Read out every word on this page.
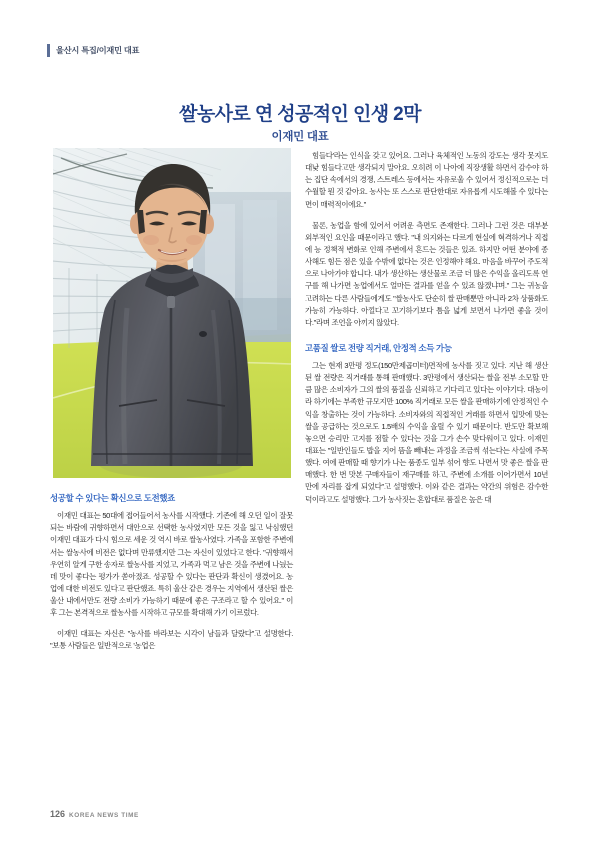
울산시 특집/이재민 대표
쌀농사로 연 성공적인 인생 2막
이재민 대표
성공할 수 있다는 확신으로 도전했죠

이재민 대표는 50대에 접어들어서 농사를 시작했다. 기존에 해 오던 일이 잘못되는 바람에 귀향하면서 대안으로 선택한 농사였지만 모든 것을 잃고 낙심했던 이재민 대표가 다시 힘으로 세운 것 역시 바로 쌀농사였다. 가족을 포함한 주변에서는 쌀농사에 비전은 없다며 만류했지만 그는 자신이 있었다고 한다. "귀향해서 우연히 알게 구한 송자로 쌀농사를 지었고, 가족과 먹고 남은 것을 주변에 나눴는데 맛이 좋다는 평가가 쏟아졌죠. 성공할 수 있다는 판단과 확신이 생겼어요. 농업에 대한 비전도 있다고 판단했죠. 특히 울산 같은 경우는 지역에서 생산된 쌀은 울산 내에서만도 전량 소비가 가능하기 때문에 좋은 구조라고 할 수 있어요." 이후 그는 본격적으로 쌀농사를 시작하고 규모를 확대해 가기 이르렀다.

이재민 대표는 자신은 "농사를 바라보는 시각이 남들과 달랐다"고 설명한다. "보통 사람들은 일반적으로 '농업은

힘들다'라는 인식을 갖고 있어요. 그러나 육체적인 노동의 강도는 생각 못지도 대낮 힘들다고만 생각되지 말아요. 오히려 이 나아에 직장생활 하면서 감수야 하는 집단 속에서의 경쟁, 스트레스 등에서는 자유로울 수 있어서 정신적으로는 더 수월할 뭔 것 같아요. 농사는 또 스스로 판단한대로 자유롭게 시도해볼 수 있다는 면이 매력적이에요."

물론, 농업을 함에 있어서 어려운 측면도 존재한다. 그러나 그런 것은 대부분 외부적인 요인을 때문이라고 했다. "내 의지와는 다르게 현실에 혁격하거나 직접에 능 정책적 변화로 인해 주변에서 흔드는 것들은 있죠. 하지만 어떤 분야에 종사해도 힘든 점은 있을 수밖에 없다는 것은 인정해야 해요. 마음을 바꾸어 주도적으로 나아가야 합니다. 내가 생산하는 생산물로 조금 더 많은 수익을 올리도록 연구를 해 나가면 농업에서도 얼마든 결과를 얻을 수 있죠 않겠냐며." 그는 귀농을 고려하는 다른 사람들에게도 "쌀농사도 단순히 쌀 판매뿐만 아니라 2차 상품화도 가능히 가능하다. 아낄다고 꼬기하기보다 틈을 넓게 보면서 나가면 좋을 것이다."라며 조언을 아끼지 않았다.

고품질 쌀로 전량 직거래, 안정적 소득 가능

그는 현재 3만평 정도(150만제곱미터)면적에 농사를 짓고 있다. 지난 해 생산된 쌀 전량은 직거래를 통해 판매했다. 3만평에서 생산되는 쌀을 전부 소모할 만큼 많은 소비자가 그의 쌀의 품질을 신뢰하고 기다리고 있다는 이야기다. 대농이라 하기에는 부족한 규모지만 100% 직거래로 모든 쌀을 판매하기에 안정적인 수익을 창출하는 것이 가능하다. 소비자와의 직접적인 거래를 하면서 입맛에 맞는 쌀을 공급하는 것으로도 1.5배의 수익을 올릴 수 있기 때문이다. 반도만 확보해 놓으면 승리만 고지를 점할 수 있다는 것을 그가 손수 맞다워이고 있다. 이재민 대표는 "일반인들도 밥을 지어 뜸을 빼내는 과정을 조금씩 섞는다는 사실에 주목했다. 여에 판매할 때 향기가 나는 품종도 일부 섞어 향도 나면서 맛 좋은 쌀을 판매했다. 한 번 맛본 구매자들이 재구매를 하고, 주변에 소개를 이어가면서 10년 만에 자리를 잡게 되었다"고 설명했다. 이와 같은 결과는 약간의 위험은 감수한 덕이라고도 설명했다. 그가 농사짓는 혼합대로 품질은 높은 대

126 KOREA NEWS TIME
